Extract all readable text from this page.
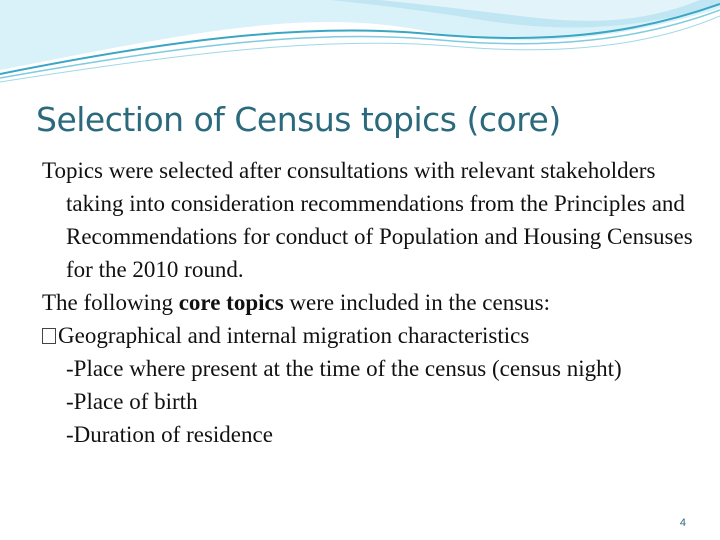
Selection of Census topics (core)

Topics were selected after consultations with relevant stakeholders taking into consideration recommendations from the Principles and Recommendations for conduct of Population and Housing Censuses for the 2010 round.

The following core topics were included in the census:

Geographical and internal migration characteristics

-Place where present at the time of the census (census night)

-Place of birth

-Duration of residence

4
